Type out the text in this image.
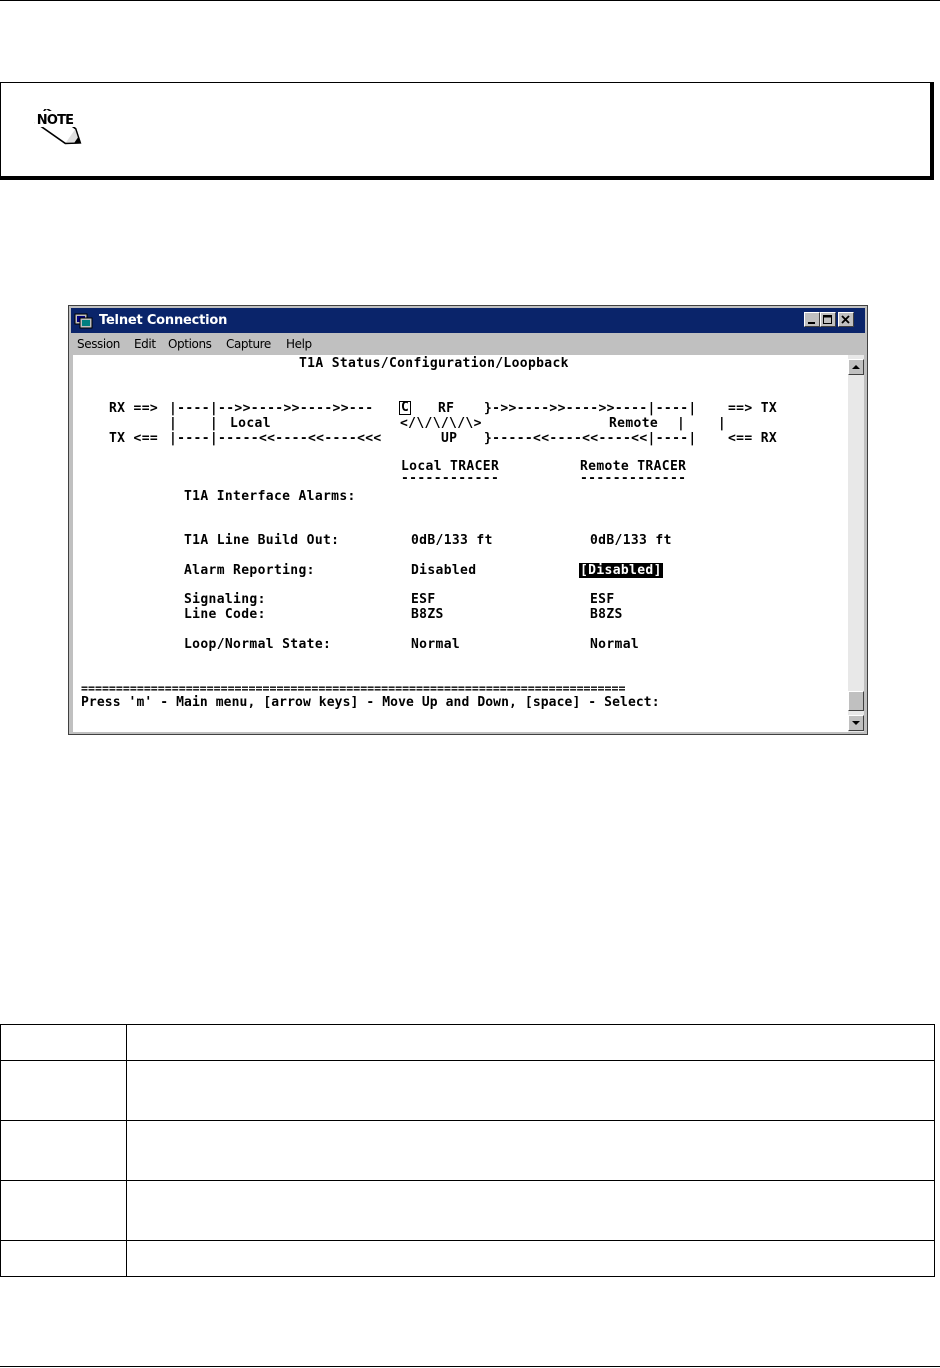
NOTE
Telnet Connection
Session Edit Options Capture Help
T1A Status/Configuration/Loopback
RX ==> |----|-->>---->>---->>--- C RF }->>---->>---->>----|----| ==> TX
|    | Local	</\/\/\/\>	Remote |    |
TX <== |----|-----<<----<<----<<<	UP }-----<<----<<----<<|----| <== RX
Local TRACER	Remote TRACER
------------	-------------
T1A Interface Alarms:
T1A Line Build Out:	0dB/133 ft	0dB/133 ft
Alarm Reporting:	Disabled	[Disabled]
Signaling:	ESF	ESF
Line Code:	B8ZS	B8ZS
Loop/Normal State:	Normal	Normal
==============================================================================
Press 'm' - Main menu, [arrow keys] - Move Up and Down, [space] - Select:
